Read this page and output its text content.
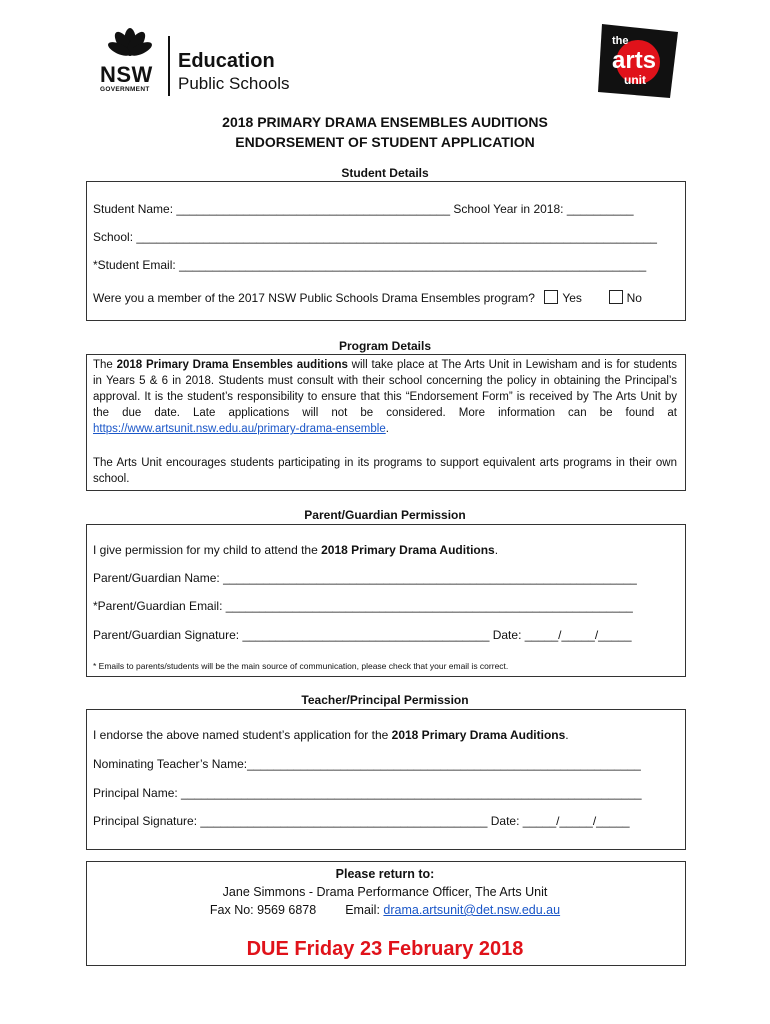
NSW
GOVERNMENT
Education
Public Schools
the
arts
unit
2018 PRIMARY DRAMA ENSEMBLES AUDITIONS
ENDORSEMENT OF STUDENT APPLICATION
Student Details
Student Name: _________________________________________ School Year in 2018: __________
School: ______________________________________________________________________________
*Student Email: ______________________________________________________________________
Were you a member of the 2017 NSW Public Schools Drama Ensembles program? Yes	No
Program Details
The 2018 Primary Drama Ensembles auditions will take place at The Arts Unit in Lewisham and is for students in Years 5 & 6 in 2018. Students must consult with their school concerning the policy in obtaining the Principal’s approval. It is the student’s responsibility to ensure that this “Endorsement Form” is received by The Arts Unit by the due date. Late applications will not be considered. More information can be found at https://www.artsunit.nsw.edu.au/primary-drama-ensemble.
The Arts Unit encourages students participating in its programs to support equivalent arts programs in their own school.
Parent/Guardian Permission
I give permission for my child to attend the 2018 Primary Drama Auditions.
Parent/Guardian Name: ______________________________________________________________
*Parent/Guardian Email: _____________________________________________________________
Parent/Guardian Signature: _____________________________________ Date: _____/_____/_____
* Emails to parents/students will be the main source of communication, please check that your email is correct.
Teacher/Principal Permission
I endorse the above named student’s application for the 2018 Primary Drama Auditions.
Nominating Teacher’s Name:___________________________________________________________
Principal Name: _____________________________________________________________________
Principal Signature: ___________________________________________ Date: _____/_____/_____
Please return to:
Jane Simmons - Drama Performance Officer, The Arts Unit
Fax No: 9569 6878 Email: drama.artsunit@det.nsw.edu.au
DUE Friday 23 February 2018
